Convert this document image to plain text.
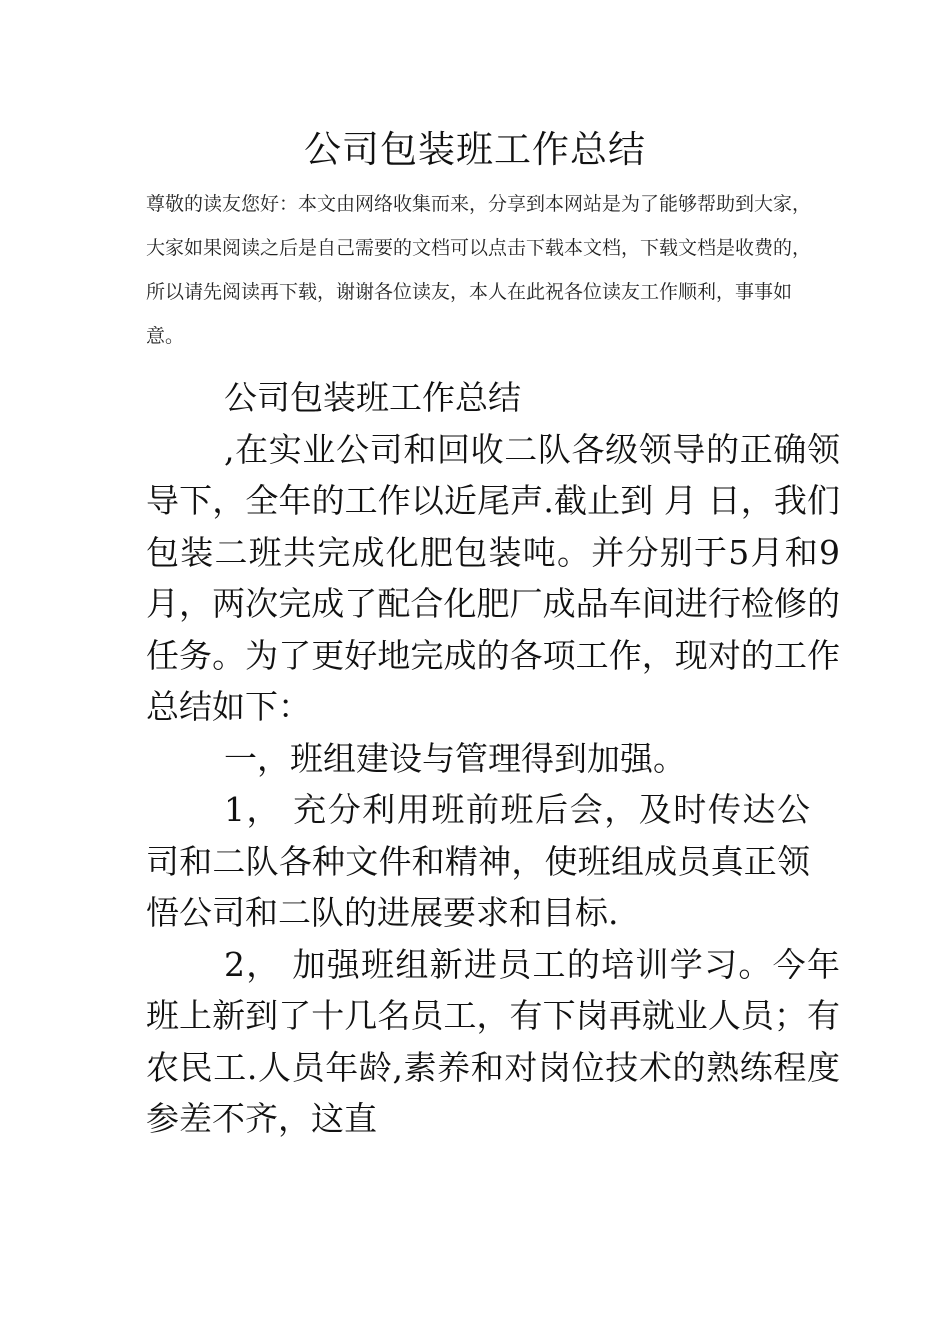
公司包装班工作总结

尊敬的读友您好：本文由网络收集而来，分享到本网站是为了能够帮助到大家，大家如果阅读之后是自己需要的文档可以点击下载本文档，下载文档是收费的，所以请先阅读再下载，谢谢各位读友，本人在此祝各位读友工作顺利，事事如意。

公司包装班工作总结

,在实业公司和回收二队各级领导的正确领导下，全年的工作以近尾声.截止到 月 日，我们包装二班共完成化肥包装吨。并分别于5月和9月，两次完成了配合化肥厂成品车间进行检修的任务。为了更好地完成的各项工作，现对的工作总结如下：

一，班组建设与管理得到加强。

1， 充分利用班前班后会，及时传达公司和二队各种文件和精神，使班组成员真正领悟公司和二队的进展要求和目标.

2， 加强班组新进员工的培训学习。今年班上新到了十几名员工，有下岗再就业人员；有农民工.人员年龄,素养和对岗位技术的熟练程度参差不齐，这直
